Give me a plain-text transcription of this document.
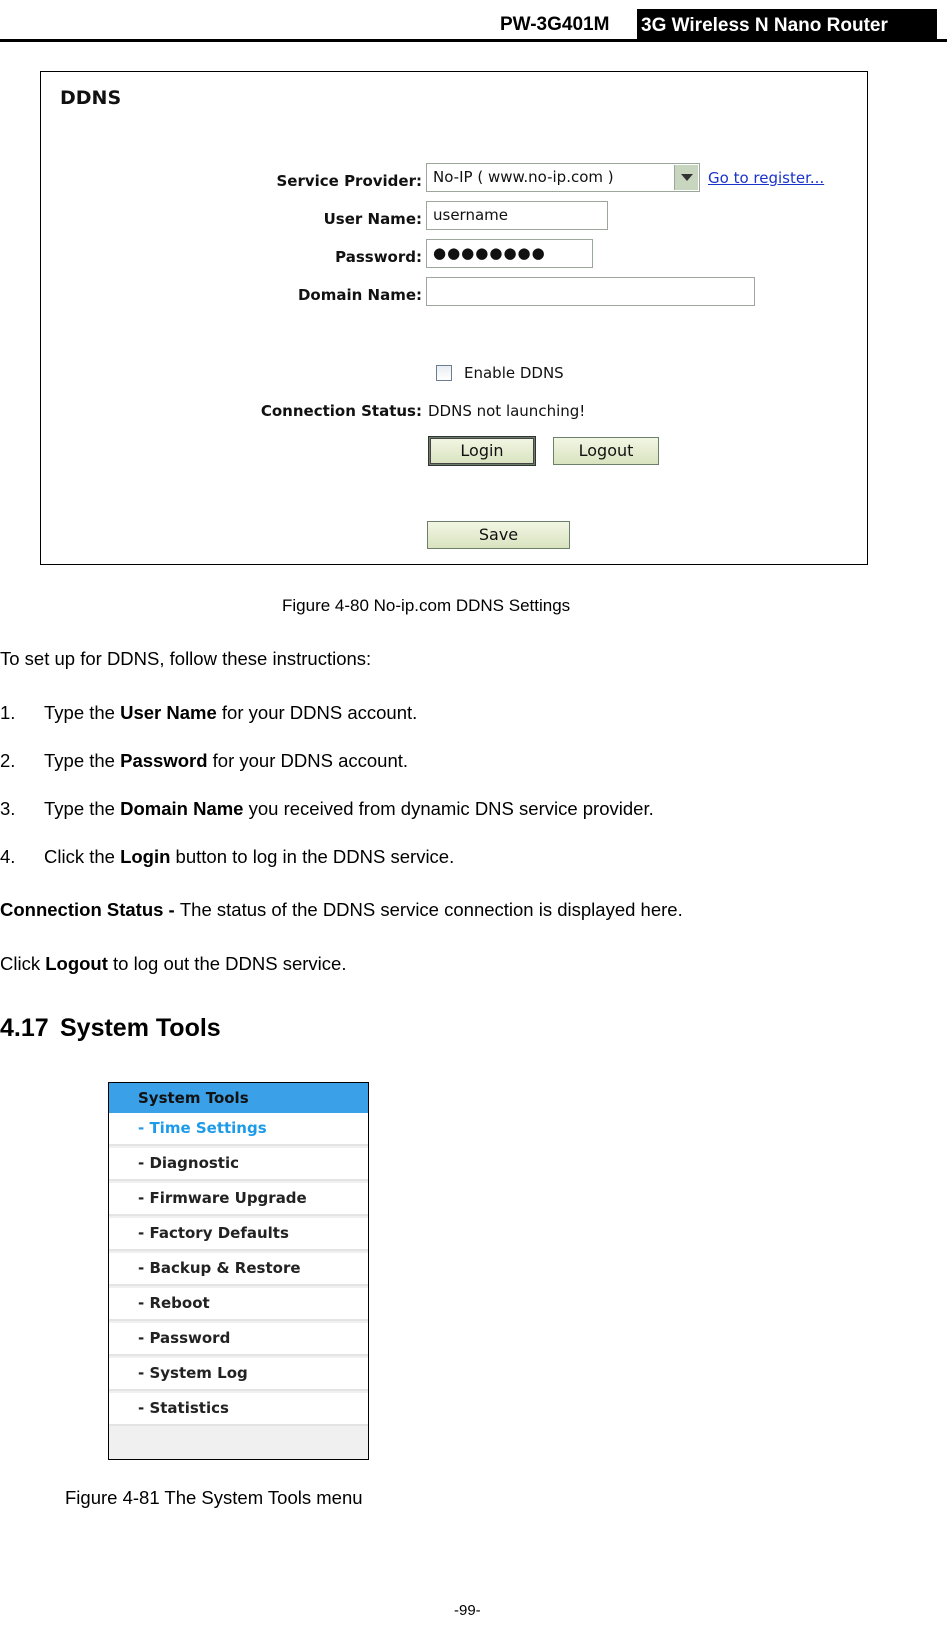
PW-3G401M 3G Wireless N Nano Router
DDNS
Service Provider: No-IP ( www.no-ip.com )	Go to register...
User Name: username
Password: ●●●●●●●●
Domain Name:
Enable DDNS
Connection Status: DDNS not launching!
Login	Logout
Save
Figure 4-80 No-ip.com DDNS Settings
To set up for DDNS, follow these instructions:
1. Type the User Name for your DDNS account.
2. Type the Password for your DDNS account.
3. Type the Domain Name you received from dynamic DNS service provider.
4. Click the Login button to log in the DDNS service.
Connection Status - The status of the DDNS service connection is displayed here.
Click Logout to log out the DDNS service.
4.17 System Tools
System Tools
- Time Settings
- Diagnostic
- Firmware Upgrade
- Factory Defaults
- Backup & Restore
- Reboot
- Password
- System Log
- Statistics
Figure 4-81 The System Tools menu
-99-
